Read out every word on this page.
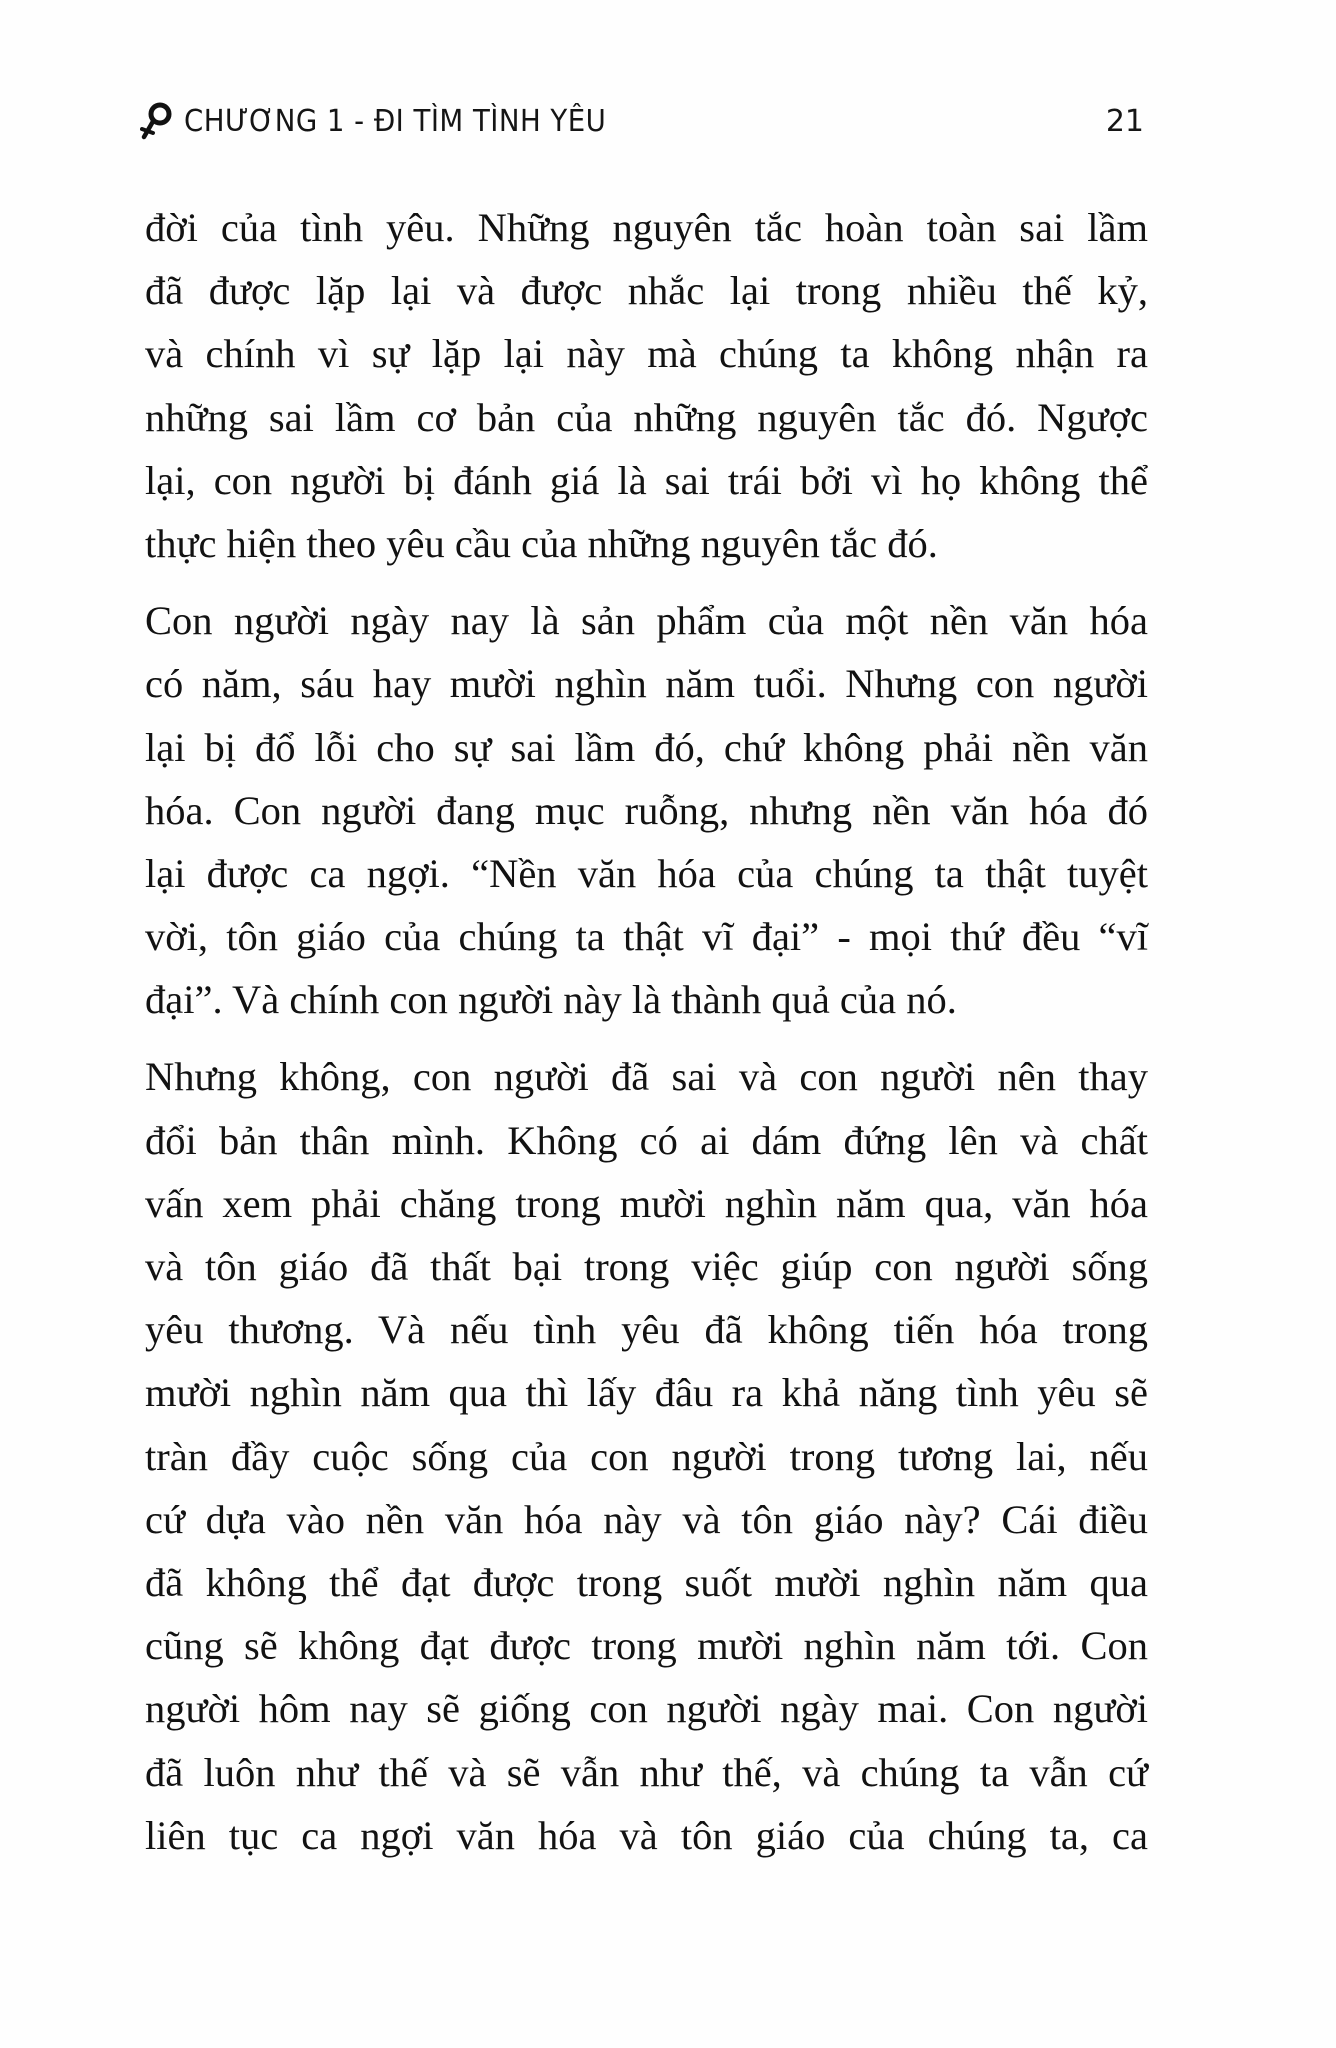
CHƯƠNG 1 - ĐI TÌM TÌNH YÊU	21

đời của tình yêu. Những nguyên tắc hoàn toàn sai lầm
đã được lặp lại và được nhắc lại trong nhiều thế kỷ,
và chính vì sự lặp lại này mà chúng ta không nhận ra
những sai lầm cơ bản của những nguyên tắc đó. Ngược
lại, con người bị đánh giá là sai trái bởi vì họ không thể
thực hiện theo yêu cầu của những nguyên tắc đó.

Con người ngày nay là sản phẩm của một nền văn hóa
có năm, sáu hay mười nghìn năm tuổi. Nhưng con người
lại bị đổ lỗi cho sự sai lầm đó, chứ không phải nền văn
hóa. Con người đang mục ruỗng, nhưng nền văn hóa đó
lại được ca ngợi. “Nền văn hóa của chúng ta thật tuyệt
vời, tôn giáo của chúng ta thật vĩ đại” - mọi thứ đều “vĩ
đại”. Và chính con người này là thành quả của nó.

Nhưng không, con người đã sai và con người nên thay
đổi bản thân mình. Không có ai dám đứng lên và chất
vấn xem phải chăng trong mười nghìn năm qua, văn hóa
và tôn giáo đã thất bại trong việc giúp con người sống
yêu thương. Và nếu tình yêu đã không tiến hóa trong
mười nghìn năm qua thì lấy đâu ra khả năng tình yêu sẽ
tràn đầy cuộc sống của con người trong tương lai, nếu
cứ dựa vào nền văn hóa này và tôn giáo này? Cái điều
đã không thể đạt được trong suốt mười nghìn năm qua
cũng sẽ không đạt được trong mười nghìn năm tới. Con
người hôm nay sẽ giống con người ngày mai. Con người
đã luôn như thế và sẽ vẫn như thế, và chúng ta vẫn cứ
liên tục ca ngợi văn hóa và tôn giáo của chúng ta, ca
